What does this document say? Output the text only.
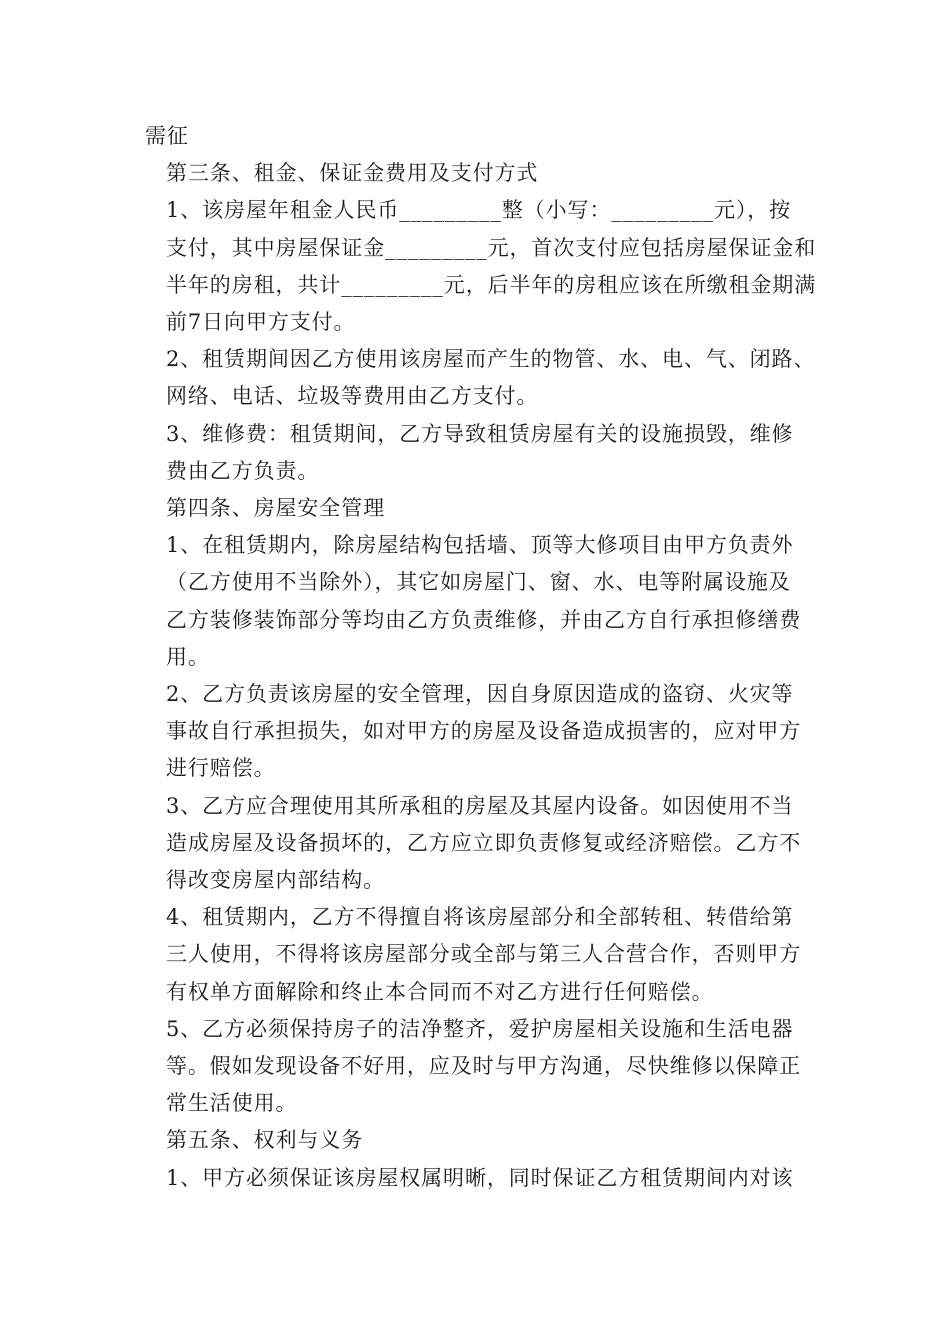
需征
第三条、租金、保证金费用及支付方式
1、该房屋年租金人民币_________整（小写：_________元），按
支付，其中房屋保证金_________元，首次支付应包括房屋保证金和
半年的房租，共计_________元，后半年的房租应该在所缴租金期满
前7日向甲方支付。
2、租赁期间因乙方使用该房屋而产生的物管、水、电、气、闭路、
网络、电话、垃圾等费用由乙方支付。
3、维修费：租赁期间，乙方导致租赁房屋有关的设施损毁，维修
费由乙方负责。
第四条、房屋安全管理
1、在租赁期内，除房屋结构包括墙、顶等大修项目由甲方负责外
（乙方使用不当除外），其它如房屋门、窗、水、电等附属设施及
乙方装修装饰部分等均由乙方负责维修，并由乙方自行承担修缮费
用。
2、乙方负责该房屋的安全管理，因自身原因造成的盗窃、火灾等
事故自行承担损失，如对甲方的房屋及设备造成损害的，应对甲方
进行赔偿。
3、乙方应合理使用其所承租的房屋及其屋内设备。如因使用不当
造成房屋及设备损坏的，乙方应立即负责修复或经济赔偿。乙方不
得改变房屋内部结构。
4、租赁期内，乙方不得擅自将该房屋部分和全部转租、转借给第
三人使用，不得将该房屋部分或全部与第三人合营合作，否则甲方
有权单方面解除和终止本合同而不对乙方进行任何赔偿。
5、乙方必须保持房子的洁净整齐，爱护房屋相关设施和生活电器
等。假如发现设备不好用，应及时与甲方沟通，尽快维修以保障正
常生活使用。
第五条、权利与义务
1、甲方必须保证该房屋权属明晰，同时保证乙方租赁期间内对该
